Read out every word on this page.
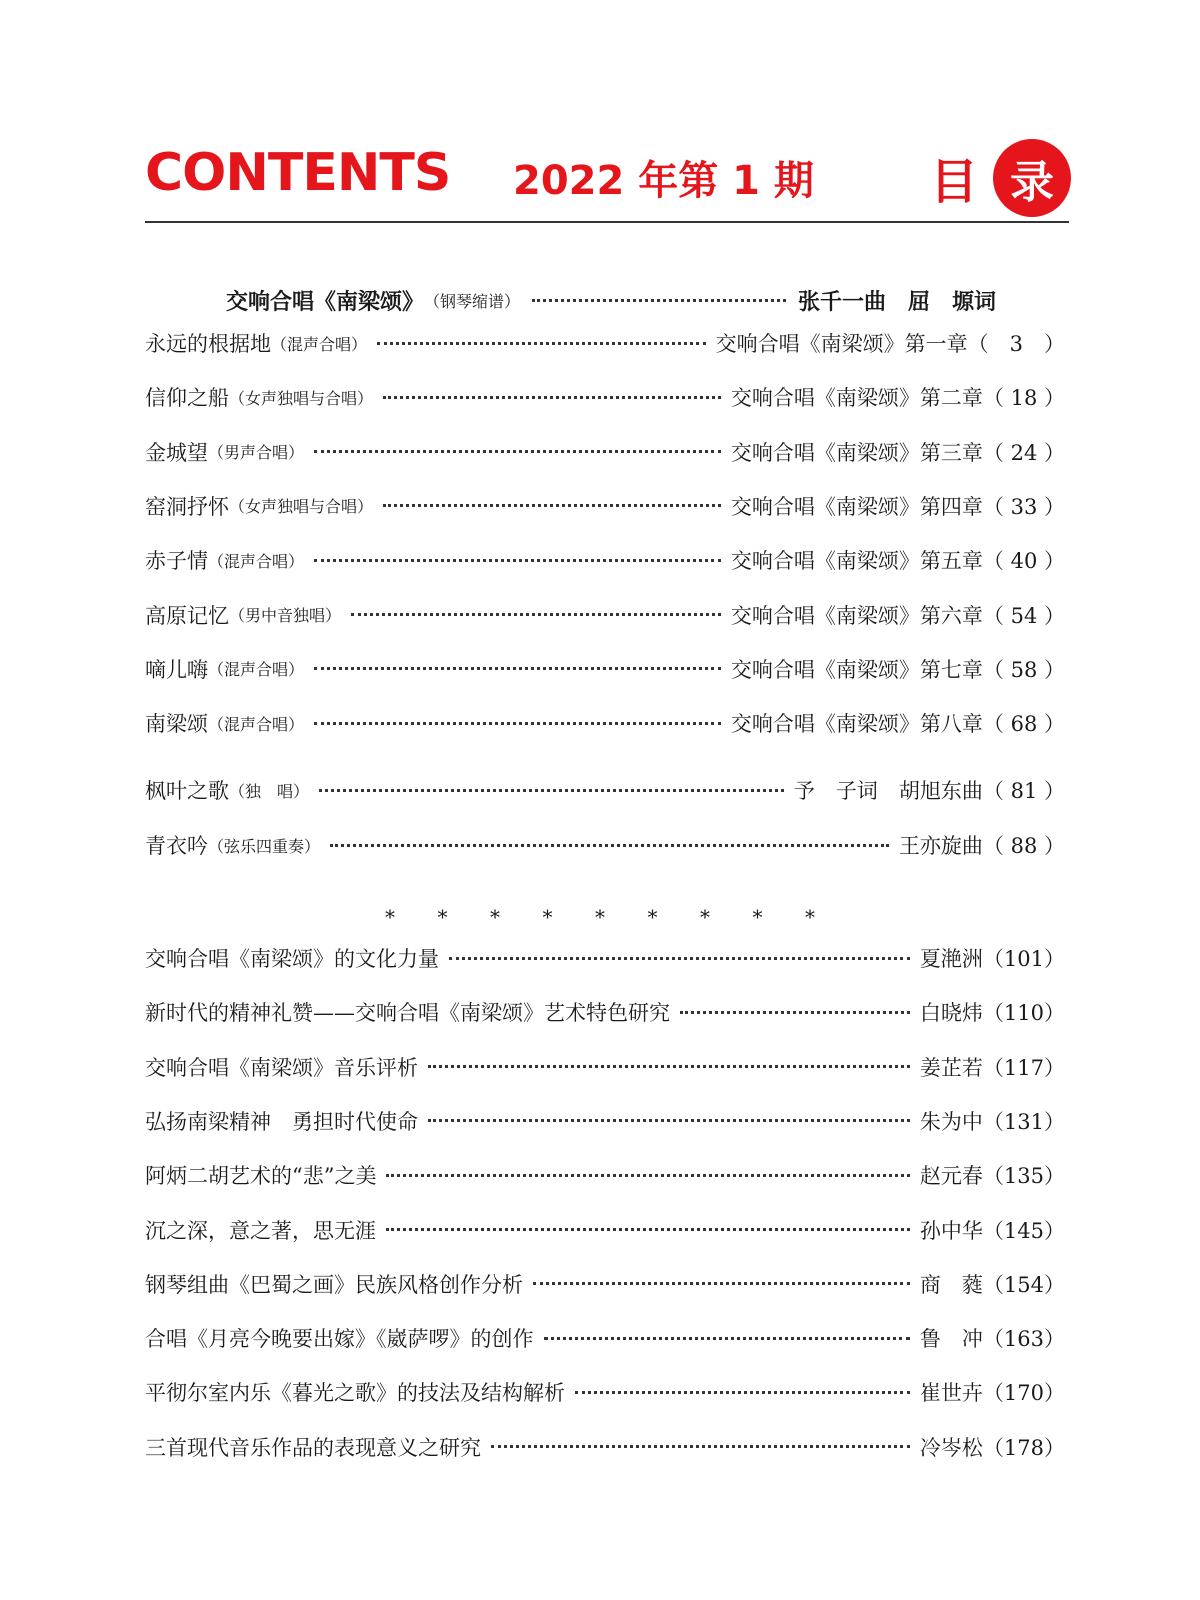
CONTENTS 2022 年第 1 期 目 录
交响合唱《南梁颂》 （钢琴缩谱）	张千一曲　屈　塬词
永远的根据地 （混声合唱）	交响合唱《南梁颂》第一章（　3　）
信仰之船 （女声独唱与合唱）	交响合唱《南梁颂》第二章（ 18 ）
金城望 （男声合唱）	交响合唱《南梁颂》第三章（ 24 ）
窑洞抒怀 （女声独唱与合唱）	交响合唱《南梁颂》第四章（ 33 ）
赤子情 （混声合唱）	交响合唱《南梁颂》第五章（ 40 ）
高原记忆 （男中音独唱）	交响合唱《南梁颂》第六章（ 54 ）
嘀儿嗨 （混声合唱）	交响合唱《南梁颂》第七章（ 58 ）
南梁颂 （混声合唱）	交响合唱《南梁颂》第八章（ 68 ）
枫叶之歌 （独　唱）	予　子词　胡旭东曲（ 81 ）
青衣吟 （弦乐四重奏）	王亦旋曲（ 88 ）
* * * * * * * * *
交响合唱《南梁颂》的文化力量	夏滟洲（101）
新时代的精神礼赞——交响合唱《南梁颂》艺术特色研究	白晓炜（110）
交响合唱《南梁颂》音乐评析	姜芷若（117）
弘扬南梁精神　勇担时代使命	朱为中（131）
阿炳二胡艺术的“悲”之美	赵元春（135）
沉之深，意之著，思无涯	孙中华（145）
钢琴组曲《巴蜀之画》民族风格创作分析	商　蕤（154）
合唱《月亮今晚要出嫁》《崴萨啰》的创作	鲁　冲（163）
平彻尔室内乐《暮光之歌》的技法及结构解析	崔世卉（170）
三首现代音乐作品的表现意义之研究	冷岑松（178）
